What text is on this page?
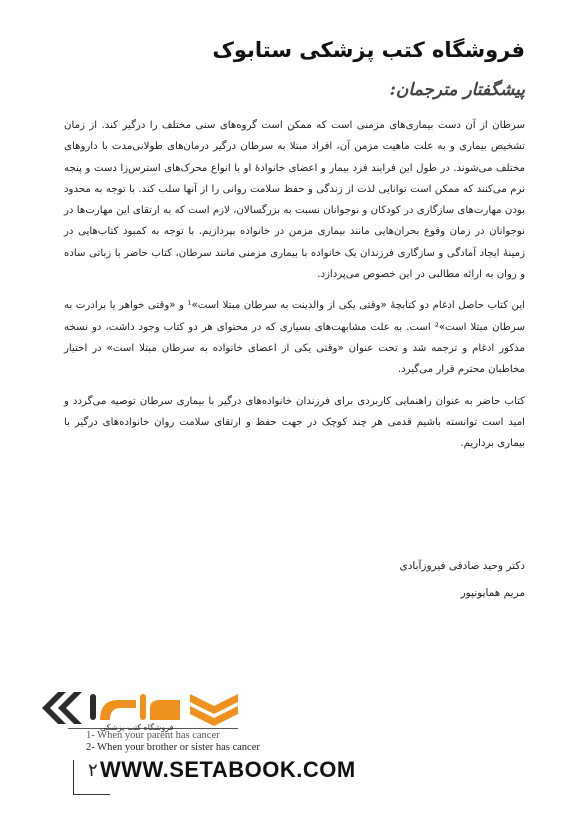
فروشگاه کتب پزشکی ستابوک
پیشگفتار مترجمان:

سرطان از آن دست بیماری‌های مزمنی است که ممکن است گروه‌های سنی مختلف را درگیر کند. از زمان تشخیص بیماری و به علت ماهیت مزمن آن، افراد مبتلا به سرطان درگیر درمان‌های طولانی‌مدت با داروهای مختلف می‌شوند. در طول این فرایند فرد بیمار و اعضای خانوادهٔ او با انواع محرک‌های استرس‌زا دست و پنجه نرم می‌کنند که ممکن است توانایی لذت از زندگی و حفظ سلامت روانی را از آنها سلب کند. با توجه به محدود بودن مهارت‌های سازگاری در کودکان و نوجوانان نسبت به بزرگسالان، لازم است که به ارتقای این مهارت‌ها در نوجوانان در زمان وقوع بحران‌هایی مانند بیماری مزمن در خانواده بپردازیم. با توجه به کمبود کتاب‌هایی در زمینهٔ ایجاد آمادگی و سازگاری فرزندان یک خانواده با بیماری مزمنی مانند سرطان، کتاب حاضر با زبانی ساده و روان به ارائه مطالبی در این خصوص می‌پردازد.

این کتاب حاصل ادغام دو کتابچهٔ «وقتی یکی از والدینت به سرطان مبتلا است»¹ و «وقتی خواهر یا برادرت به سرطان مبتلا است»² است. به علت مشابهت‌های بسیاری که در محتوای هر دو کتاب وجود داشت، دو نسخه مذکور ادغام و ترجمه شد و تحت عنوان «وقتی یکی از اعضای خانواده به سرطان مبتلا است» در اختیار مخاطبان محترم قرار می‌گیرد.

کتاب حاضر به عنوان راهنمایی کاربردی برای فرزندان خانواده‌های درگیر با بیماری سرطان توصیه می‌گردد و امید است توانسته باشیم قدمی هر چند کوچک در جهت حفظ و ارتقای سلامت روان خانواده‌های درگیر با بیماری برداریم.

دکتر وحید صادقی فیروزآبادی
مریم همایونپور
فروشگاه کتب پزشکی
1- When your parent has cancer
2- When your brother or sister has cancer
۲ WWW.SETABOOK.COM
